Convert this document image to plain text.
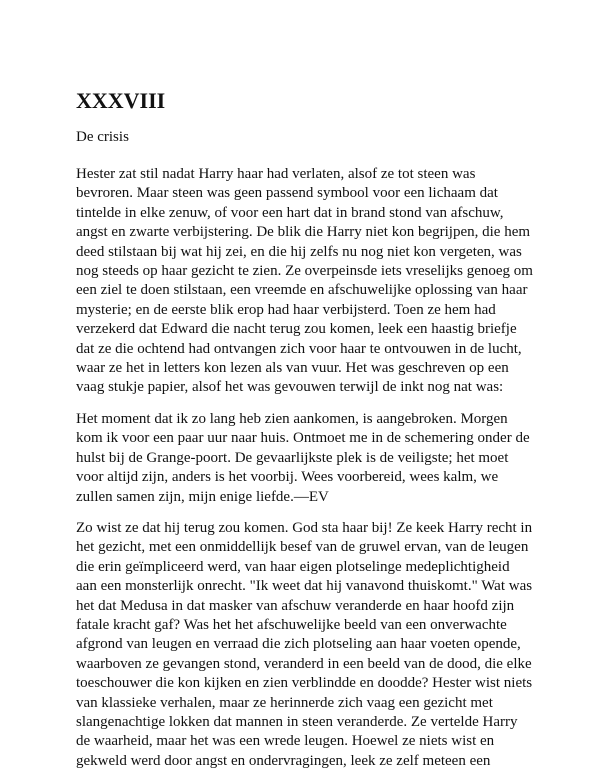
XXXVIII

De crisis

Hester zat stil nadat Harry haar had verlaten, alsof ze tot steen was
bevroren. Maar steen was geen passend symbool voor een lichaam dat
tintelde in elke zenuw, of voor een hart dat in brand stond van afschuw,
angst en zwarte verbijstering. De blik die Harry niet kon begrijpen, die hem
deed stilstaan bij wat hij zei, en die hij zelfs nu nog niet kon vergeten, was
nog steeds op haar gezicht te zien. Ze overpeinsde iets vreselijks genoeg om
een ziel te doen stilstaan, een vreemde en afschuwelijke oplossing van haar
mysterie; en de eerste blik erop had haar verbijsterd. Toen ze hem had
verzekerd dat Edward die nacht terug zou komen, leek een haastig briefje
dat ze die ochtend had ontvangen zich voor haar te ontvouwen in de lucht,
waar ze het in letters kon lezen als van vuur. Het was geschreven op een
vaag stukje papier, alsof het was gevouwen terwijl de inkt nog nat was:

Het moment dat ik zo lang heb zien aankomen, is aangebroken. Morgen
kom ik voor een paar uur naar huis. Ontmoet me in de schemering onder de
hulst bij de Grange-poort. De gevaarlijkste plek is de veiligste; het moet
voor altijd zijn, anders is het voorbij. Wees voorbereid, wees kalm, we
zullen samen zijn, mijn enige liefde.—EV

Zo wist ze dat hij terug zou komen. God sta haar bij! Ze keek Harry recht in
het gezicht, met een onmiddellijk besef van de gruwel ervan, van de leugen
die erin geïmpliceerd werd, van haar eigen plotselinge medeplichtigheid
aan een monsterlijk onrecht. "Ik weet dat hij vanavond thuiskomt." Wat was
het dat Medusa in dat masker van afschuw veranderde en haar hoofd zijn
fatale kracht gaf? Was het het afschuwelijke beeld van een onverwachte
afgrond van leugen en verraad die zich plotseling aan haar voeten opende,
waarboven ze gevangen stond, veranderd in een beeld van de dood, die elke
toeschouwer die kon kijken en zien verblindde en doodde? Hester wist niets
van klassieke verhalen, maar ze herinnerde zich vaag een gezicht met
slangenachtige lokken dat mannen in steen veranderde. Ze vertelde Harry
de waarheid, maar het was een wrede leugen. Hoewel ze niets wist en
gekweld werd door angst en ondervragingen, leek ze zelf meteen een
